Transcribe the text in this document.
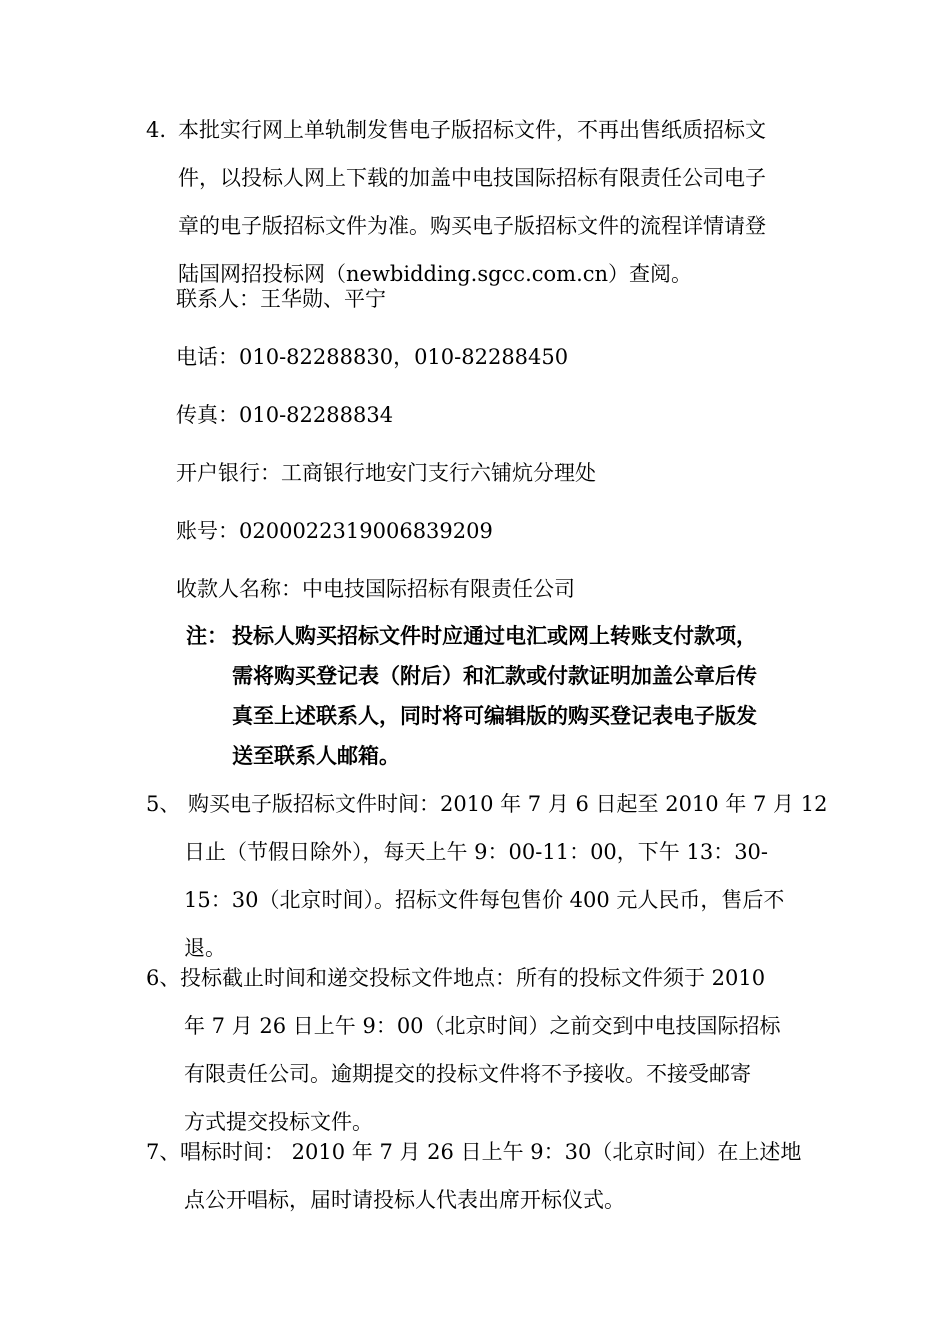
4. 本批实行网上单轨制发售电子版招标文件，不再出售纸质招标文
件，以投标人网上下载的加盖中电技国际招标有限责任公司电子
章的电子版招标文件为准。购买电子版招标文件的流程详情请登
陆国网招投标网（newbidding.sgcc.com.cn）查阅。
联系人：王华勋、平宁
电话：010-82288830，010-82288450
传真：010-82288834
开户银行：工商银行地安门支行六铺炕分理处
账号：0200022319006839209
收款人名称：中电技国际招标有限责任公司
注： 投标人购买招标文件时应通过电汇或网上转账支付款项，
需将购买登记表（附后）和汇款或付款证明加盖公章后传
真至上述联系人，同时将可编辑版的购买登记表电子版发
送至联系人邮箱。
5、 购买电子版招标文件时间：2010 年 7 月 6 日起至 2010 年 7 月 12
日止（节假日除外），每天上午 9：00-11：00，下午 13：30-
15：30（北京时间）。招标文件每包售价 400 元人民币，售后不
退。
6、 投标截止时间和递交投标文件地点：所有的投标文件须于 2010
年 7 月 26 日上午 9：00（北京时间）之前交到中电技国际招标
有限责任公司。逾期提交的投标文件将不予接收。不接受邮寄
方式提交投标文件。
7、 唱标时间： 2010 年 7 月 26 日上午 9：30（北京时间）在上述地
点公开唱标，届时请投标人代表出席开标仪式。
